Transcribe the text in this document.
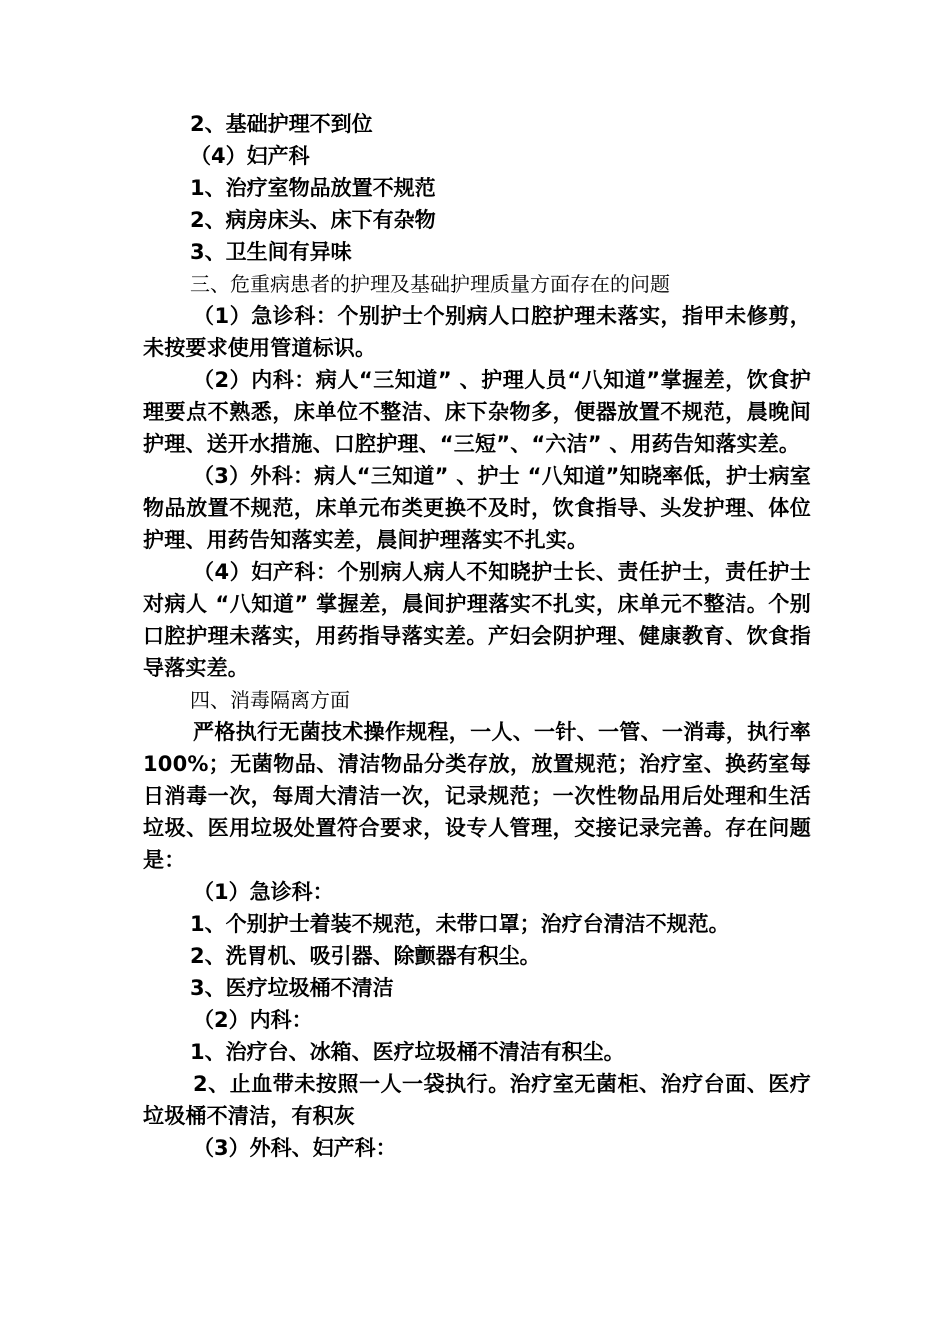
2、基础护理不到位
（4）妇产科
1、治疗室物品放置不规范
2、病房床头、床下有杂物
3、卫生间有异味
三、危重病患者的护理及基础护理质量方面存在的问题
（1）急诊科：个别护士个别病人口腔护理未落实，指甲未修剪，未按要求使用管道标识。
（2）内科：病人“三知道” 、护理人员“八知道”掌握差，饮食护理要点不熟悉，床单位不整洁、床下杂物多，便器放置不规范，晨晚间护理、送开水措施、口腔护理、“三短”、“六洁” 、用药告知落实差。
（3）外科：病人“三知道” 、护士 “八知道”知晓率低，护士病室物品放置不规范，床单元布类更换不及时，饮食指导、头发护理、体位护理、用药告知落实差，晨间护理落实不扎实。
（4）妇产科：个别病人病人不知晓护士长、责任护士，责任护士对病人 “八知道” 掌握差，晨间护理落实不扎实，床单元不整洁。个别口腔护理未落实，用药指导落实差。产妇会阴护理、健康教育、饮食指导落实差。
四、消毒隔离方面
严格执行无菌技术操作规程，一人、一针、一管、一消毒，执行率100%；无菌物品、清洁物品分类存放，放置规范；治疗室、换药室每日消毒一次，每周大清洁一次，记录规范；一次性物品用后处理和生活垃圾、医用垃圾处置符合要求，设专人管理，交接记录完善。存在问题是：
（1）急诊科：
1、个别护士着装不规范，未带口罩；治疗台清洁不规范。
2、洗胃机、吸引器、除颤器有积尘。
3、医疗垃圾桶不清洁
（2）内科：
1、治疗台、冰箱、医疗垃圾桶不清洁有积尘。
2、止血带未按照一人一袋执行。治疗室无菌柜、治疗台面、医疗垃圾桶不清洁，有积灰
（3）外科、妇产科：
